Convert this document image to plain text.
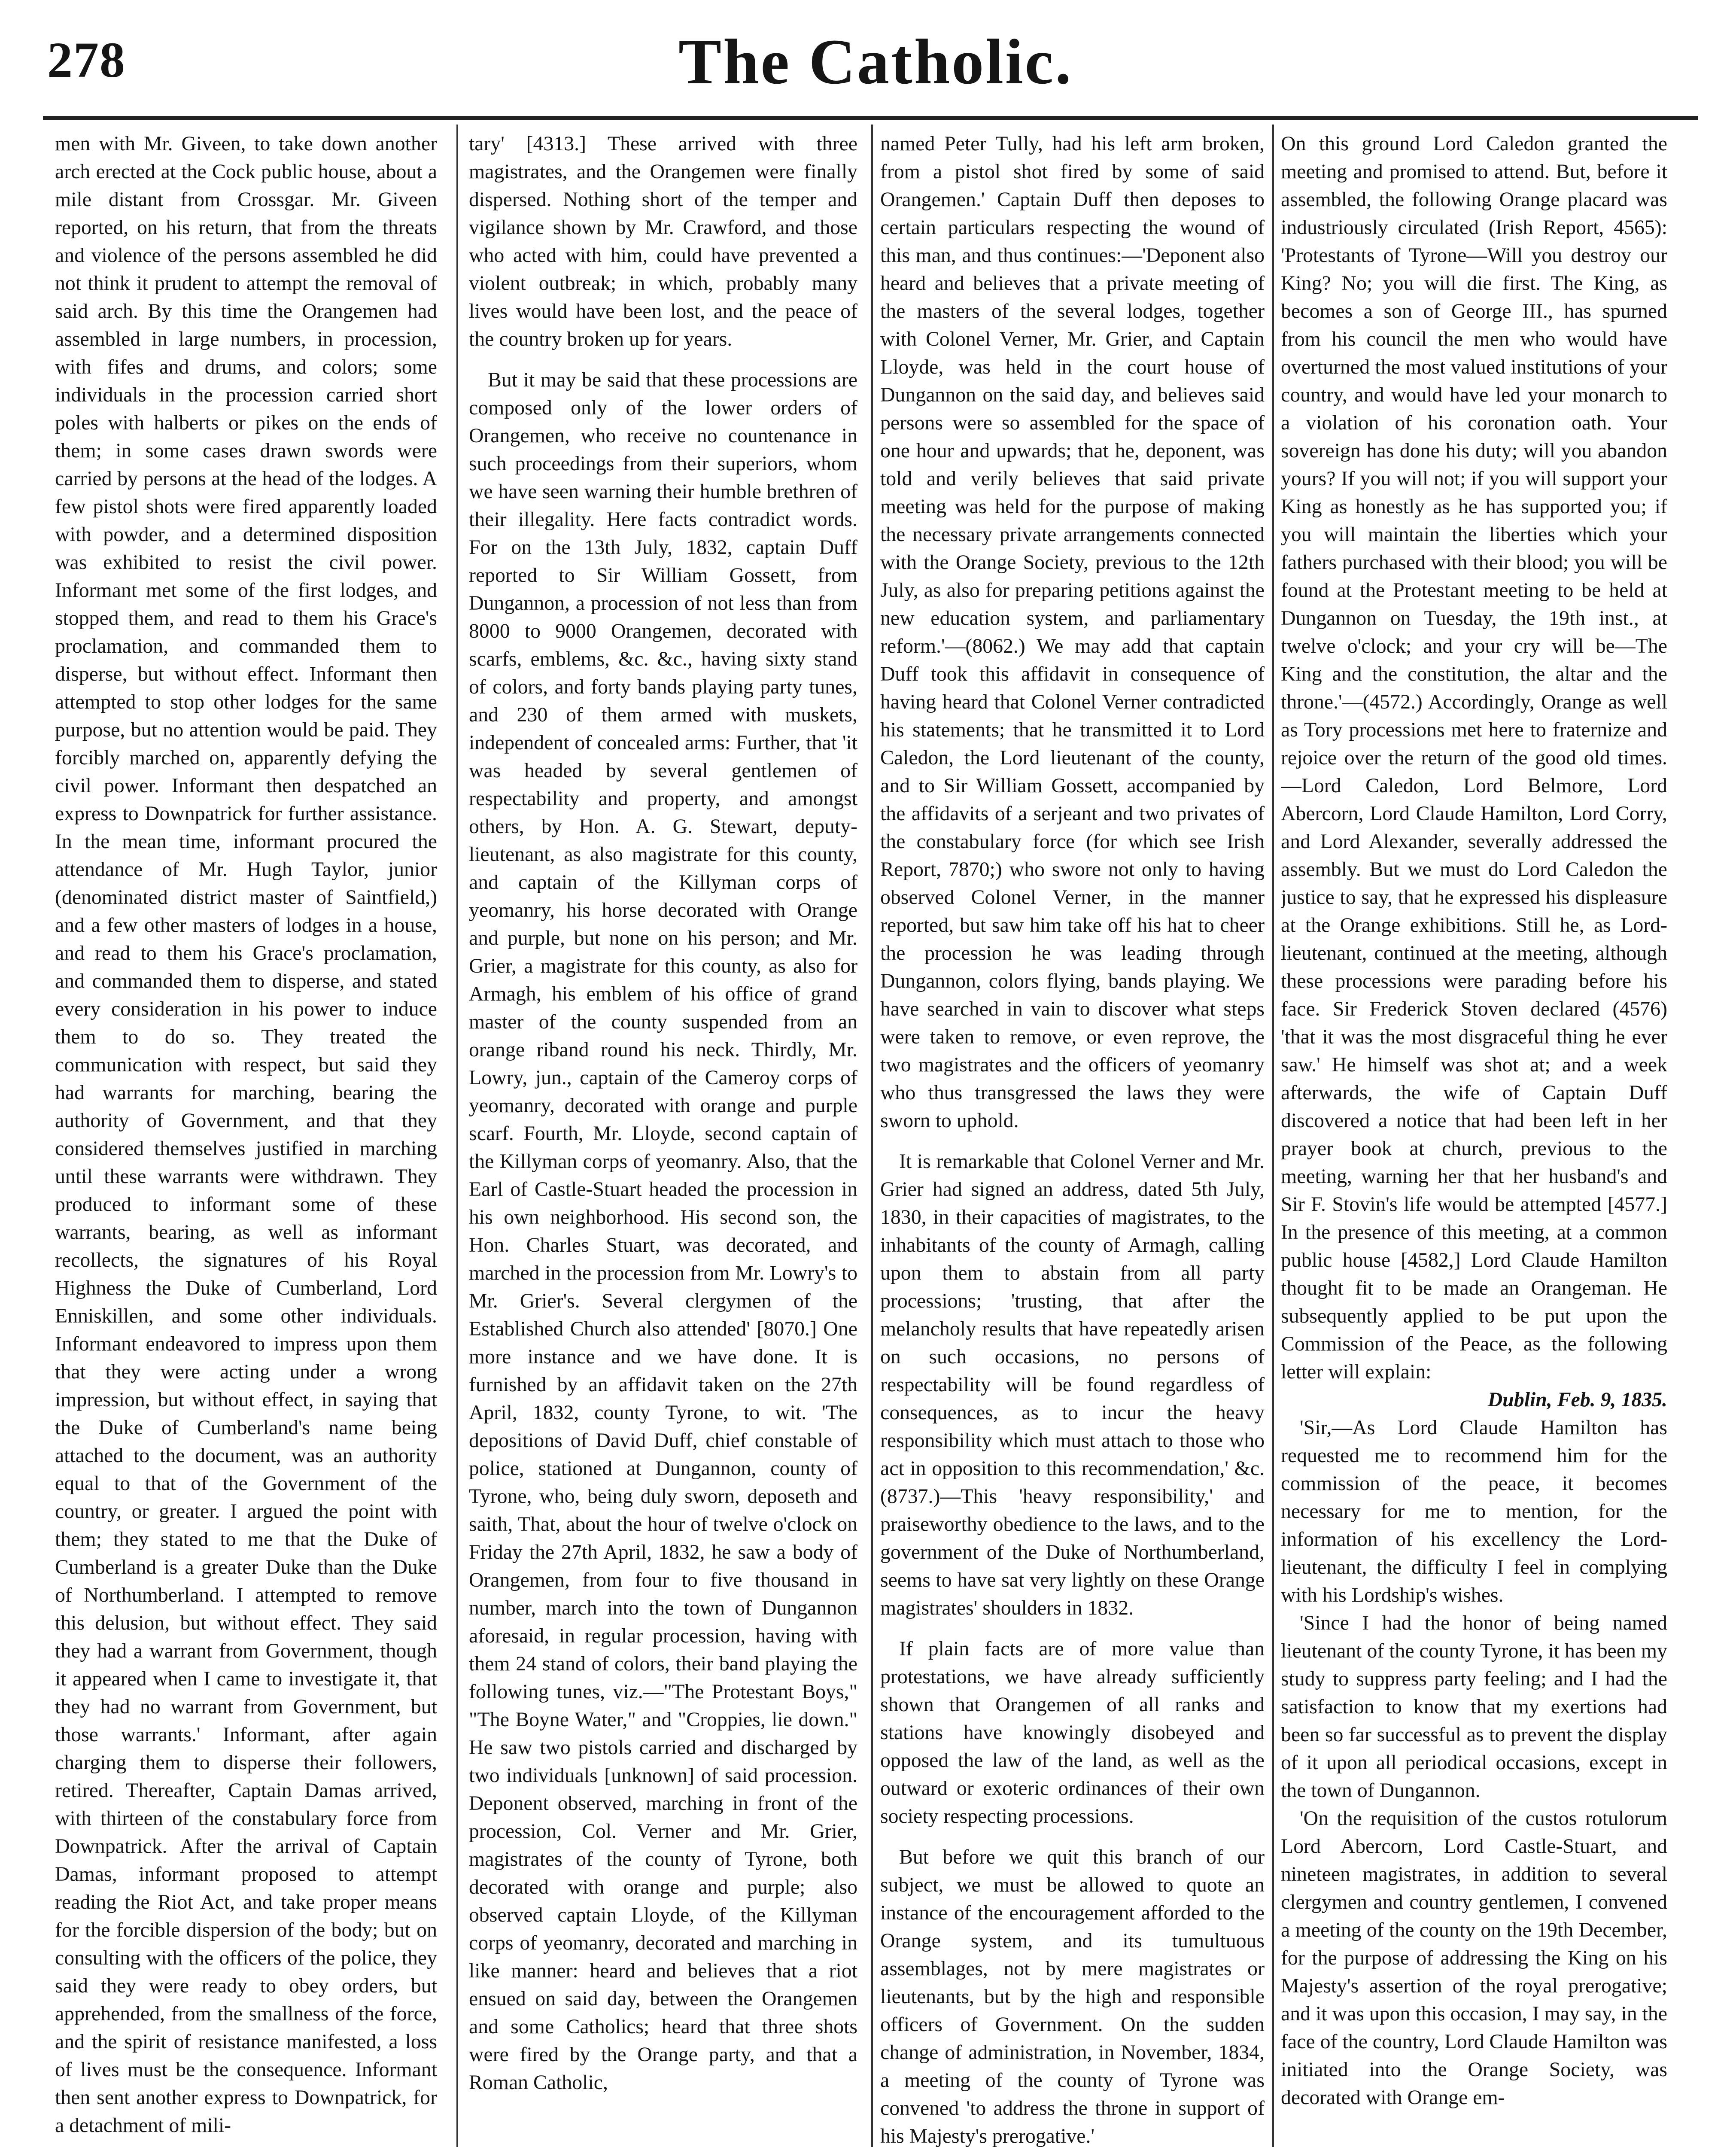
278	The Catholic.

men with Mr. Giveen, to take down another arch erected at the Cock public house, about a mile distant from Crossgar. Mr. Giveen reported, on his return, that from the threats and violence of the persons assembled he did not think it prudent to attempt the removal of said arch. By this time the Orangemen had assembled in large numbers, in procession, with fifes and drums, and colors; some individuals in the procession carried short poles with halberts or pikes on the ends of them; in some cases drawn swords were carried by persons at the head of the lodges. A few pistol shots were fired apparently loaded with powder, and a determined disposition was exhibited to resist the civil power. Informant met some of the first lodges, and stopped them, and read to them his Grace's proclamation, and commanded them to disperse, but without effect. Informant then attempted to stop other lodges for the same purpose, but no attention would be paid. They forcibly marched on, apparently defying the civil power. Informant then despatched an express to Downpatrick for further assistance. In the mean time, informant procured the attendance of Mr. Hugh Taylor, junior (denominated district master of Saintfield,) and a few other masters of lodges in a house, and read to them his Grace's proclamation, and commanded them to disperse, and stated every consideration in his power to induce them to do so. They treated the communication with respect, but said they had warrants for marching, bearing the authority of Government, and that they considered themselves justified in marching until these warrants were withdrawn. They produced to informant some of these warrants, bearing, as well as informant recollects, the signatures of his Royal Highness the Duke of Cumberland, Lord Enniskillen, and some other individuals. Informant endeavored to impress upon them that they were acting under a wrong impression, but without effect, in saying that the Duke of Cumberland's name being attached to the document, was an authority equal to that of the Government of the country, or greater. I argued the point with them; they stated to me that the Duke of Cumberland is a greater Duke than the Duke of Northumberland. I attempted to remove this delusion, but without effect. They said they had a warrant from Government, though it appeared when I came to investigate it, that they had no warrant from Government, but those warrants.' Informant, after again charging them to disperse their followers, retired. Thereafter, Captain Damas arrived, with thirteen of the constabulary force from Downpatrick. After the arrival of Captain Damas, informant proposed to attempt reading the Riot Act, and take proper means for the forcible dispersion of the body; but on consulting with the officers of the police, they said they were ready to obey orders, but apprehended, from the smallness of the force, and the spirit of resistance manifested, a loss of lives must be the consequence. Informant then sent another express to Downpatrick, for a detachment of mili-

tary' [4313.] These arrived with three magistrates, and the Orangemen were finally dispersed. Nothing short of the temper and vigilance shown by Mr. Crawford, and those who acted with him, could have prevented a violent outbreak; in which, probably many lives would have been lost, and the peace of the country broken up for years.

But it may be said that these processions are composed only of the lower orders of Orangemen, who receive no countenance in such proceedings from their superiors, whom we have seen warning their humble brethren of their illegality. Here facts contradict words. For on the 13th July, 1832, captain Duff reported to Sir William Gossett, from Dungannon, a procession of not less than from 8000 to 9000 Orangemen, decorated with scarfs, emblems, &c. &c., having sixty stand of colors, and forty bands playing party tunes, and 230 of them armed with muskets, independent of concealed arms: Further, that 'it was headed by several gentlemen of respectability and property, and amongst others, by Hon. A. G. Stewart, deputy-lieutenant, as also magistrate for this county, and captain of the Killyman corps of yeomanry, his horse decorated with Orange and purple, but none on his person; and Mr. Grier, a magistrate for this county, as also for Armagh, his emblem of his office of grand master of the county suspended from an orange riband round his neck. Thirdly, Mr. Lowry, jun., captain of the Cameroy corps of yeomanry, decorated with orange and purple scarf. Fourth, Mr. Lloyde, second captain of the Killyman corps of yeomanry. Also, that the Earl of Castle-Stuart headed the procession in his own neighborhood. His second son, the Hon. Charles Stuart, was decorated, and marched in the procession from Mr. Lowry's to Mr. Grier's. Several clergymen of the Established Church also attended' [8070.] One more instance and we have done. It is furnished by an affidavit taken on the 27th April, 1832, county Tyrone, to wit. 'The depositions of David Duff, chief constable of police, stationed at Dungannon, county of Tyrone, who, being duly sworn, deposeth and saith, That, about the hour of twelve o'clock on Friday the 27th April, 1832, he saw a body of Orangemen, from four to five thousand in number, march into the town of Dungannon aforesaid, in regular procession, having with them 24 stand of colors, their band playing the following tunes, viz.—"The Protestant Boys," "The Boyne Water," and "Croppies, lie down." He saw two pistols carried and discharged by two individuals [unknown] of said procession. Deponent observed, marching in front of the procession, Col. Verner and Mr. Grier, magistrates of the county of Tyrone, both decorated with orange and purple; also observed captain Lloyde, of the Killyman corps of yeomanry, decorated and marching in like manner: heard and believes that a riot ensued on said day, between the Orangemen and some Catholics; heard that three shots were fired by the Orange party, and that a Roman Catholic,

named Peter Tully, had his left arm broken, from a pistol shot fired by some of said Orangemen.' Captain Duff then deposes to certain particulars respecting the wound of this man, and thus continues:—'Deponent also heard and believes that a private meeting of the masters of the several lodges, together with Colonel Verner, Mr. Grier, and Captain Lloyde, was held in the court house of Dungannon on the said day, and believes said persons were so assembled for the space of one hour and upwards; that he, deponent, was told and verily believes that said private meeting was held for the purpose of making the necessary private arrangements connected with the Orange Society, previous to the 12th July, as also for preparing petitions against the new education system, and parliamentary reform.'—(8062.) We may add that captain Duff took this affidavit in consequence of having heard that Colonel Verner contradicted his statements; that he transmitted it to Lord Caledon, the Lord lieutenant of the county, and to Sir William Gossett, accompanied by the affidavits of a serjeant and two privates of the constabulary force (for which see Irish Report, 7870;) who swore not only to having observed Colonel Verner, in the manner reported, but saw him take off his hat to cheer the procession he was leading through Dungannon, colors flying, bands playing. We have searched in vain to discover what steps were taken to remove, or even reprove, the two magistrates and the officers of yeomanry who thus transgressed the laws they were sworn to uphold.

It is remarkable that Colonel Verner and Mr. Grier had signed an address, dated 5th July, 1830, in their capacities of magistrates, to the inhabitants of the county of Armagh, calling upon them to abstain from all party processions; 'trusting, that after the melancholy results that have repeatedly arisen on such occasions, no persons of respectability will be found regardless of consequences, as to incur the heavy responsibility which must attach to those who act in opposition to this recommendation,' &c. (8737.)—This 'heavy responsibility,' and praiseworthy obedience to the laws, and to the government of the Duke of Northumberland, seems to have sat very lightly on these Orange magistrates' shoulders in 1832.

If plain facts are of more value than protestations, we have already sufficiently shown that Orangemen of all ranks and stations have knowingly disobeyed and opposed the law of the land, as well as the outward or exoteric ordinances of their own society respecting processions.

But before we quit this branch of our subject, we must be allowed to quote an instance of the encouragement afforded to the Orange system, and its tumultuous assemblages, not by mere magistrates or lieutenants, but by the high and responsible officers of Government. On the sudden change of administration, in November, 1834, a meeting of the county of Tyrone was convened 'to address the throne in support of his Majesty's prerogative.'

On this ground Lord Caledon granted the meeting and promised to attend. But, before it assembled, the following Orange placard was industriously circulated (Irish Report, 4565): 'Protestants of Tyrone—Will you destroy our King? No; you will die first. The King, as becomes a son of George III., has spurned from his council the men who would have overturned the most valued institutions of your country, and would have led your monarch to a violation of his coronation oath. Your sovereign has done his duty; will you abandon yours? If you will not; if you will support your King as honestly as he has supported you; if you will maintain the liberties which your fathers purchased with their blood; you will be found at the Protestant meeting to be held at Dungannon on Tuesday, the 19th inst., at twelve o'clock; and your cry will be—The King and the constitution, the altar and the throne.'—(4572.) Accordingly, Orange as well as Tory processions met here to fraternize and rejoice over the return of the good old times.—Lord Caledon, Lord Belmore, Lord Abercorn, Lord Claude Hamilton, Lord Corry, and Lord Alexander, severally addressed the assembly. But we must do Lord Caledon the justice to say, that he expressed his displeasure at the Orange exhibitions. Still he, as Lord-lieutenant, continued at the meeting, although these processions were parading before his face. Sir Frederick Stoven declared (4576) 'that it was the most disgraceful thing he ever saw.' He himself was shot at; and a week afterwards, the wife of Captain Duff discovered a notice that had been left in her prayer book at church, previous to the meeting, warning her that her husband's and Sir F. Stovin's life would be attempted [4577.] In the presence of this meeting, at a common public house [4582,] Lord Claude Hamilton thought fit to be made an Orangeman. He subsequently applied to be put upon the Commission of the Peace, as the following letter will explain:

Dublin, Feb. 9, 1835.

'Sir,—As Lord Claude Hamilton has requested me to recommend him for the commission of the peace, it becomes necessary for me to mention, for the information of his excellency the Lord-lieutenant, the difficulty I feel in complying with his Lordship's wishes.

'Since I had the honor of being named lieutenant of the county Tyrone, it has been my study to suppress party feeling; and I had the satisfaction to know that my exertions had been so far successful as to prevent the display of it upon all periodical occasions, except in the town of Dungannon.

'On the requisition of the custos rotulorum Lord Abercorn, Lord Castle-Stuart, and nineteen magistrates, in addition to several clergymen and country gentlemen, I convened a meeting of the county on the 19th December, for the purpose of addressing the King on his Majesty's assertion of the royal prerogative; and it was upon this occasion, I may say, in the face of the country, Lord Claude Hamilton was initiated into the Orange Society, was decorated with Orange em-
